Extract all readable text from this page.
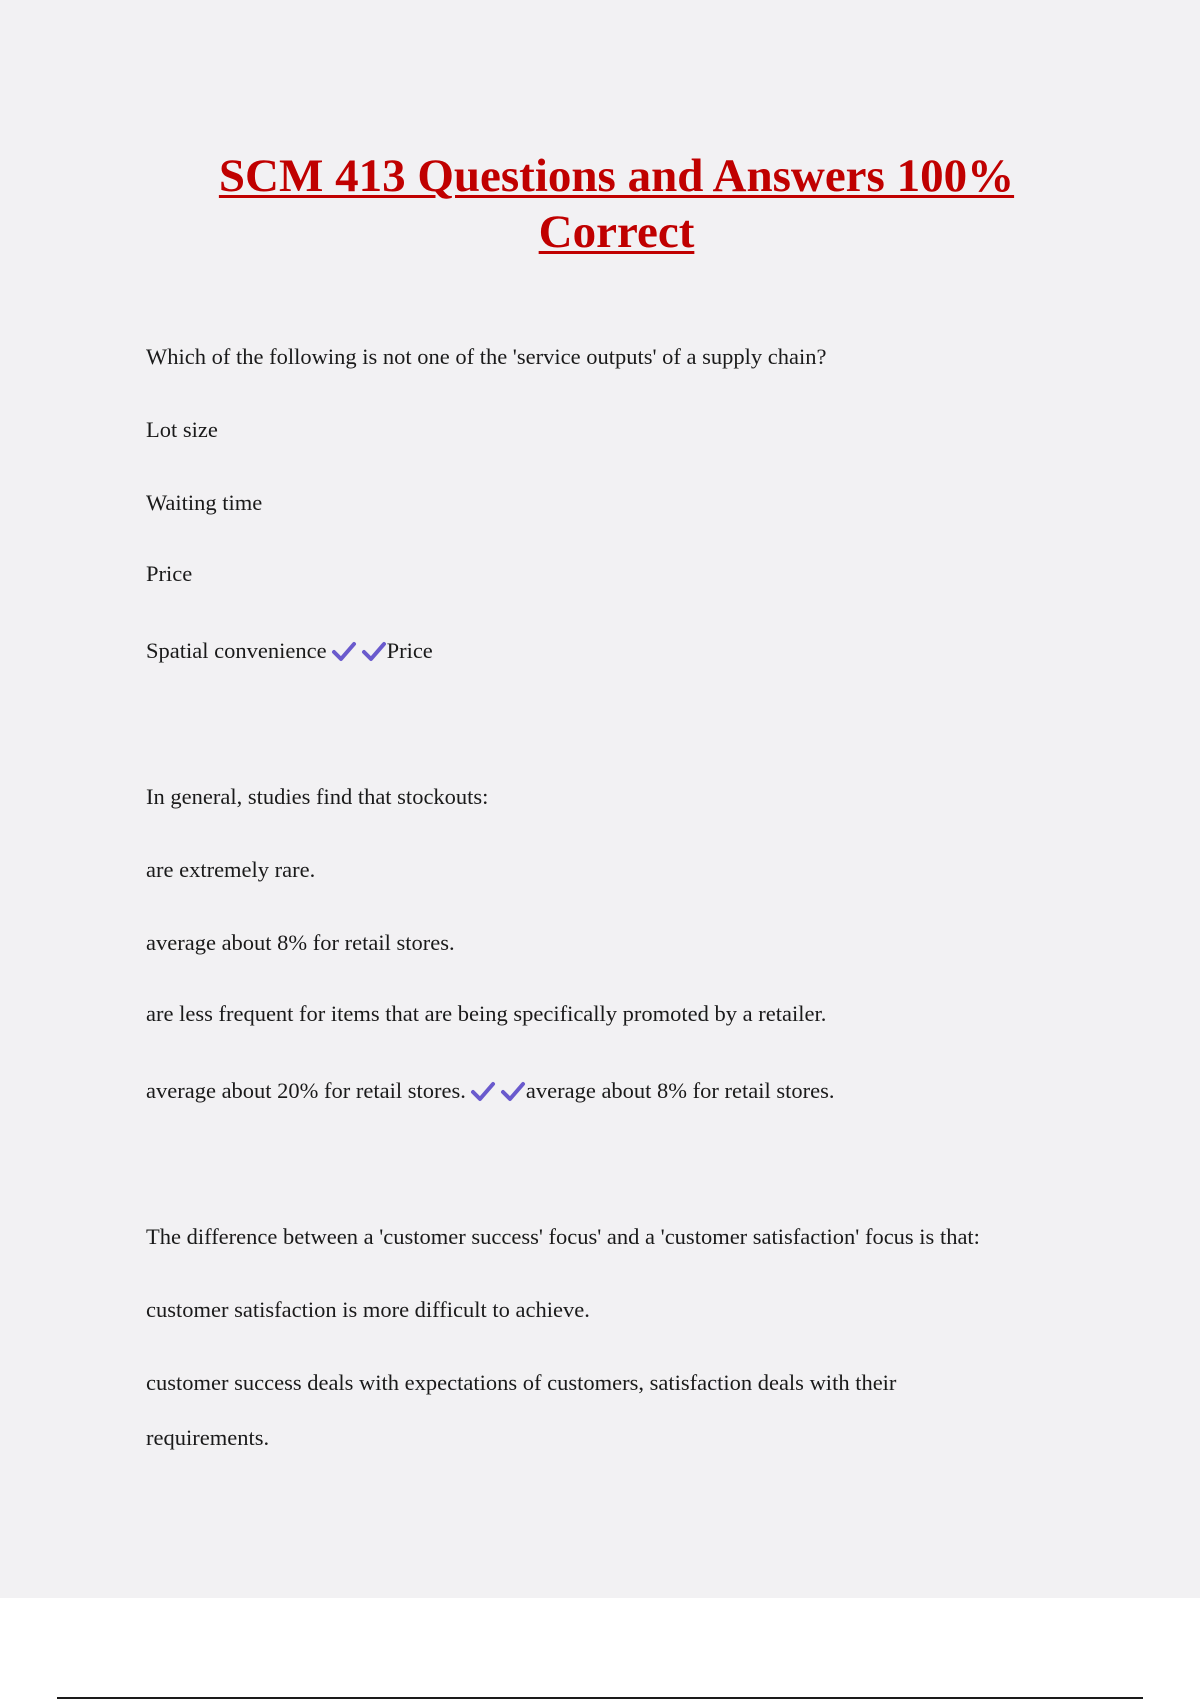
SCM 413 Questions and Answers 100% Correct

Which of the following is not one of the 'service outputs' of a supply chain?

Lot size

Waiting time

Price

Spatial convenience	Price

In general, studies find that stockouts:

are extremely rare.

average about 8% for retail stores.

are less frequent for items that are being specifically promoted by a retailer.

average about 20% for retail stores.	average about 8% for retail stores.

The difference between a 'customer success' focus' and a 'customer satisfaction' focus is that:

customer satisfaction is more difficult to achieve.

customer success deals with expectations of customers, satisfaction deals with their

requirements.
